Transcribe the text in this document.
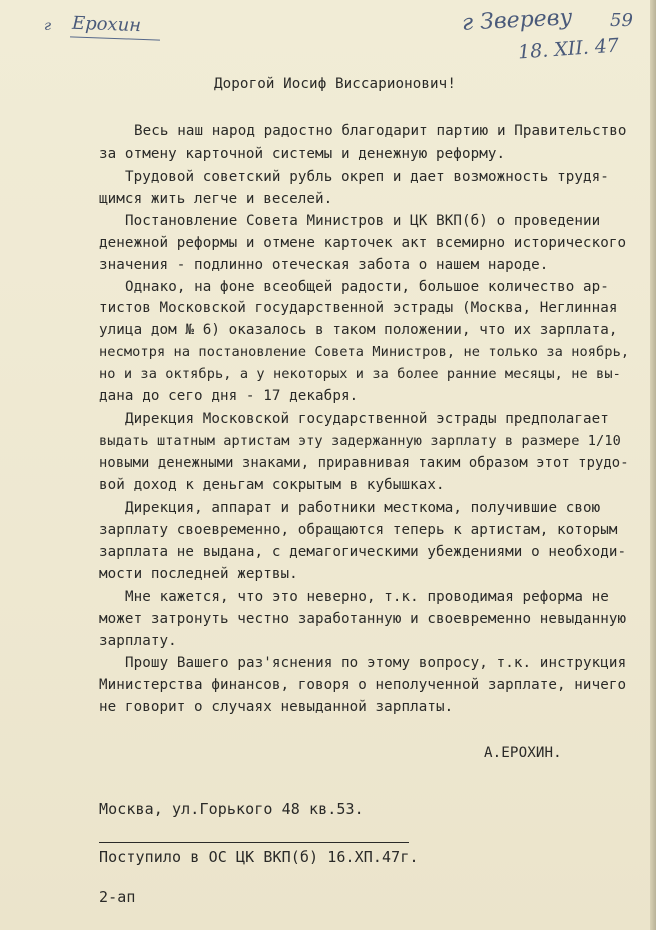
г Ерохин	г Звереву 59
18. XII. 47
Дорогой Иосиф Виссарионович!
Весь наш народ радостно благодарит партию и Правительство
за отмену карточной системы и денежную реформу.
Трудовой советский рубль окреп и дает возможность трудя-
щимся жить легче и веселей.
Постановление Совета Министров и ЦК ВКП(б) о проведении
денежной реформы и отмене карточек акт всемирно исторического
значения - подлинно отеческая забота о нашем народе.
Однако, на фоне всеобщей радости, большое количество ар-
тистов Московской государственной эстрады (Москва, Неглинная
улица дом № 6) оказалось в таком положении, что их зарплата,
несмотря на постановление Совета Министров, не только за ноябрь,
но и за октябрь, а у некоторых и за более ранние месяцы, не вы-
дана до сего дня - 17 декабря.
Дирекция Московской государственной эстрады предполагает
выдать штатным артистам эту задержанную зарплату в размере 1/10
новыми денежными знаками, приравнивая таким образом этот трудо-
вой доход к деньгам сокрытым в кубышках.
Дирекция, аппарат и работники месткома, получившие свою
зарплату своевременно, обращаются теперь к артистам, которым
зарплата не выдана, с демагогическими убеждениями о необходи-
мости последней жертвы.
Мне кажется, что это неверно, т.к. проводимая реформа не
может затронуть честно заработанную и своевременно невыданную
зарплату.
Прошу Вашего раз'яснения по этому вопросу, т.к. инструкция
Министерства финансов, говоря о неполученной зарплате, ничего
не говорит о случаях невыданной зарплаты.
А.ЕРОХИН.
Москва, ул.Горького 48 кв.53.
Поступило в ОС ЦК ВКП(б) 16.ХП.47г.
2-ап
